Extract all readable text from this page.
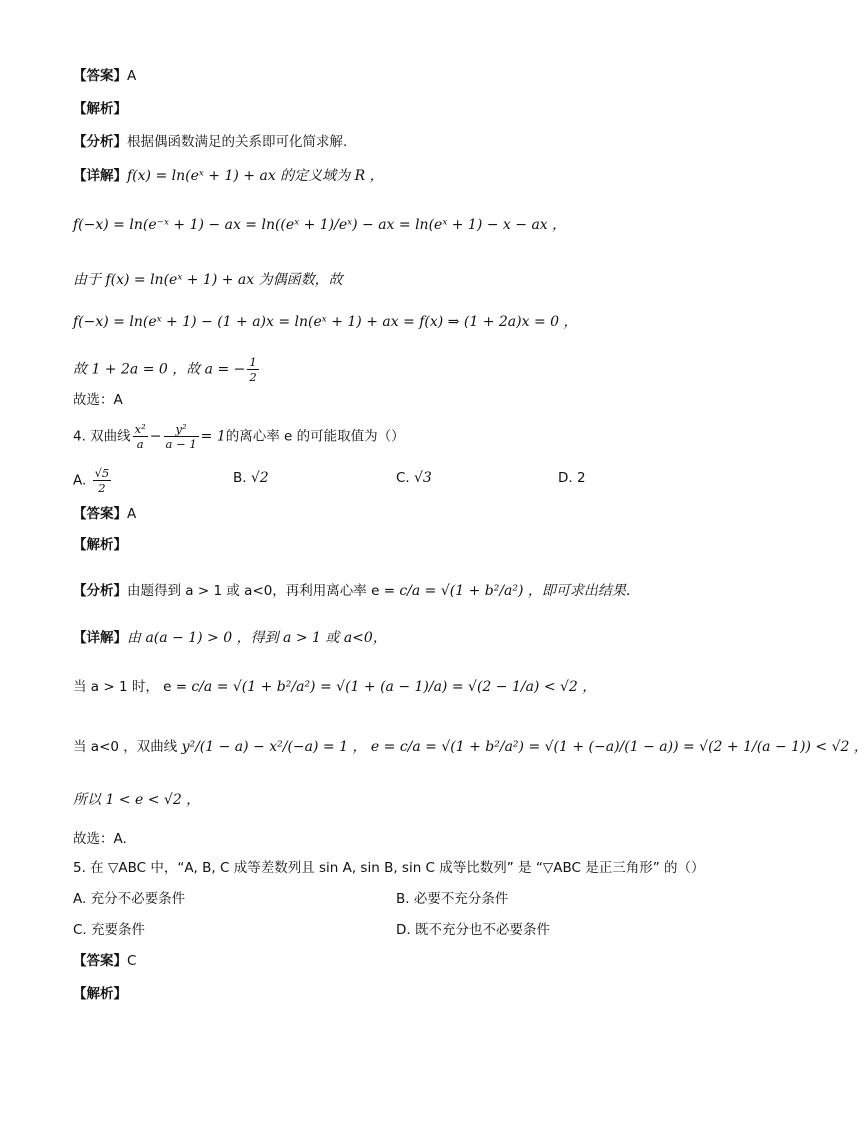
【答案】A
【解析】
【分析】根据偶函数满足的关系即可化简求解.
【详解】f(x) = ln(eˣ + 1) + ax 的定义域为 R ，
f(−x) = ln(e⁻ˣ + 1) − ax = ln((eˣ + 1)/eˣ) − ax = ln(eˣ + 1) − x − ax ，
由于 f(x) = ln(eˣ + 1) + ax 为偶函数，故
f(−x) = ln(eˣ + 1) − (1 + a)x = ln(eˣ + 1) + ax = f(x) ⇒ (1 + 2a)x = 0 ，
故 1 + 2a = 0 ，故 a = − $\frac{1}{2}$
故选：A
4. 双曲线 $\frac{\text{x²}}{a} - \frac{\text{y²}}{a - 1} = 1$的离心率 e 的可能取值为（）
A. $\frac{√5}{2}$	B. √2	C. √3	D. 2
【答案】A
【解析】
【分析】由题得到 a > 1 或 a<0，再利用离心率 e = c/a = √(1 + b²/a²) ，即可求出结果.
【详解】由 a(a − 1) > 0 ，得到 a > 1 或 a<0，
当 a > 1 时， e = c/a = √(1 + b²/a²) = √(1 + (a − 1)/a) = √(2 − 1/a) < √2 ，
当 a<0 ，双曲线 y²/(1 − a) − x²/(−a) = 1 ， e = c/a = √(1 + b²/a²) = √(1 + (−a)/(1 − a)) = √(2 + 1/(a − 1)) < √2 ，
所以 1 < e < √2 ，
故选：A.
5. 在 ▽ABC 中，“A, B, C 成等差数列且 sin A, sin B, sin C 成等比数列” 是 “▽ABC 是正三角形” 的（）
A. 充分不必要条件	B. 必要不充分条件
C. 充要条件	D. 既不充分也不必要条件
【答案】C
【解析】
